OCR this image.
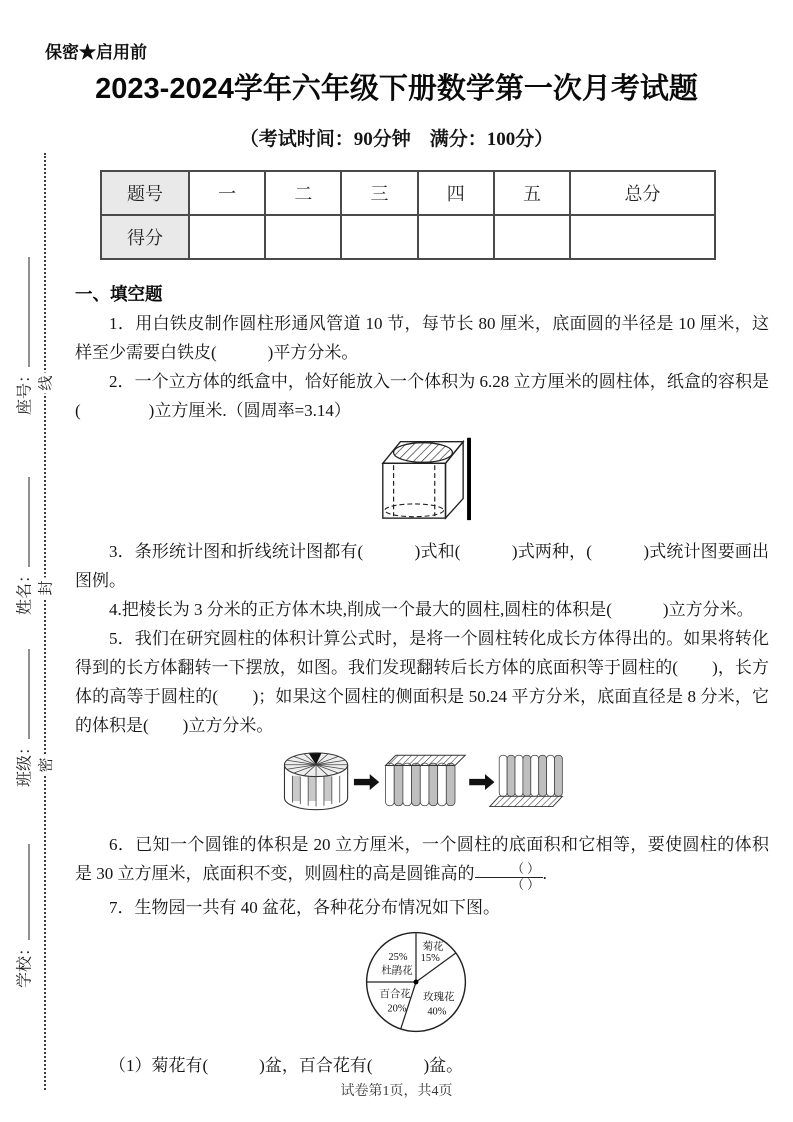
保密★启用前
2023-2024学年六年级下册数学第一次月考试题
（考试时间：90分钟　满分：100分）
题号	一	二	三	四	五	总分
得分						
线
封
密
座号：
姓名：
班级：
学校：
一、填空题

1．用白铁皮制作圆柱形通风管道 10 节，每节长 80 厘米，底面圆的半径是 10 厘米，这样至少需要白铁皮(　　　)平方分米。

2．一个立方体的纸盒中，恰好能放入一个体积为 6.28 立方厘米的圆柱体，纸盒的容积是(　　　　)立方厘米.（圆周率=3.14）

3．条形统计图和折线统计图都有(　　　)式和(　　　)式两种，(　　　)式统计图要画出图例。

4.把棱长为 3 分米的正方体木块,削成一个最大的圆柱,圆柱的体积是(　　　)立方分米。

5．我们在研究圆柱的体积计算公式时，是将一个圆柱转化成长方体得出的。如果将转化得到的长方体翻转一下摆放，如图。我们发现翻转后长方体的底面积等于圆柱的(　　)，长方体的高等于圆柱的(　　)；如果这个圆柱的侧面积是 50.24 平方分米，底面直径是 8 分米，它的体积是(　　)立方分米。

6．已知一个圆锥的体积是 20 立方厘米，一个圆柱的底面积和它相等，要使圆柱的体积是 30 立方厘米，底面积不变，则圆柱的高是圆锥高的 $\frac{( )}{( )}$ .

7．生物园一共有 40 盆花，各种花分布情况如下图。

菊花
15%
25%
杜鹃花
百合花
20%
玫瑰花
40%

（1）菊花有(　　　)盆，百合花有(　　　)盆。

试卷第1页，共4页
